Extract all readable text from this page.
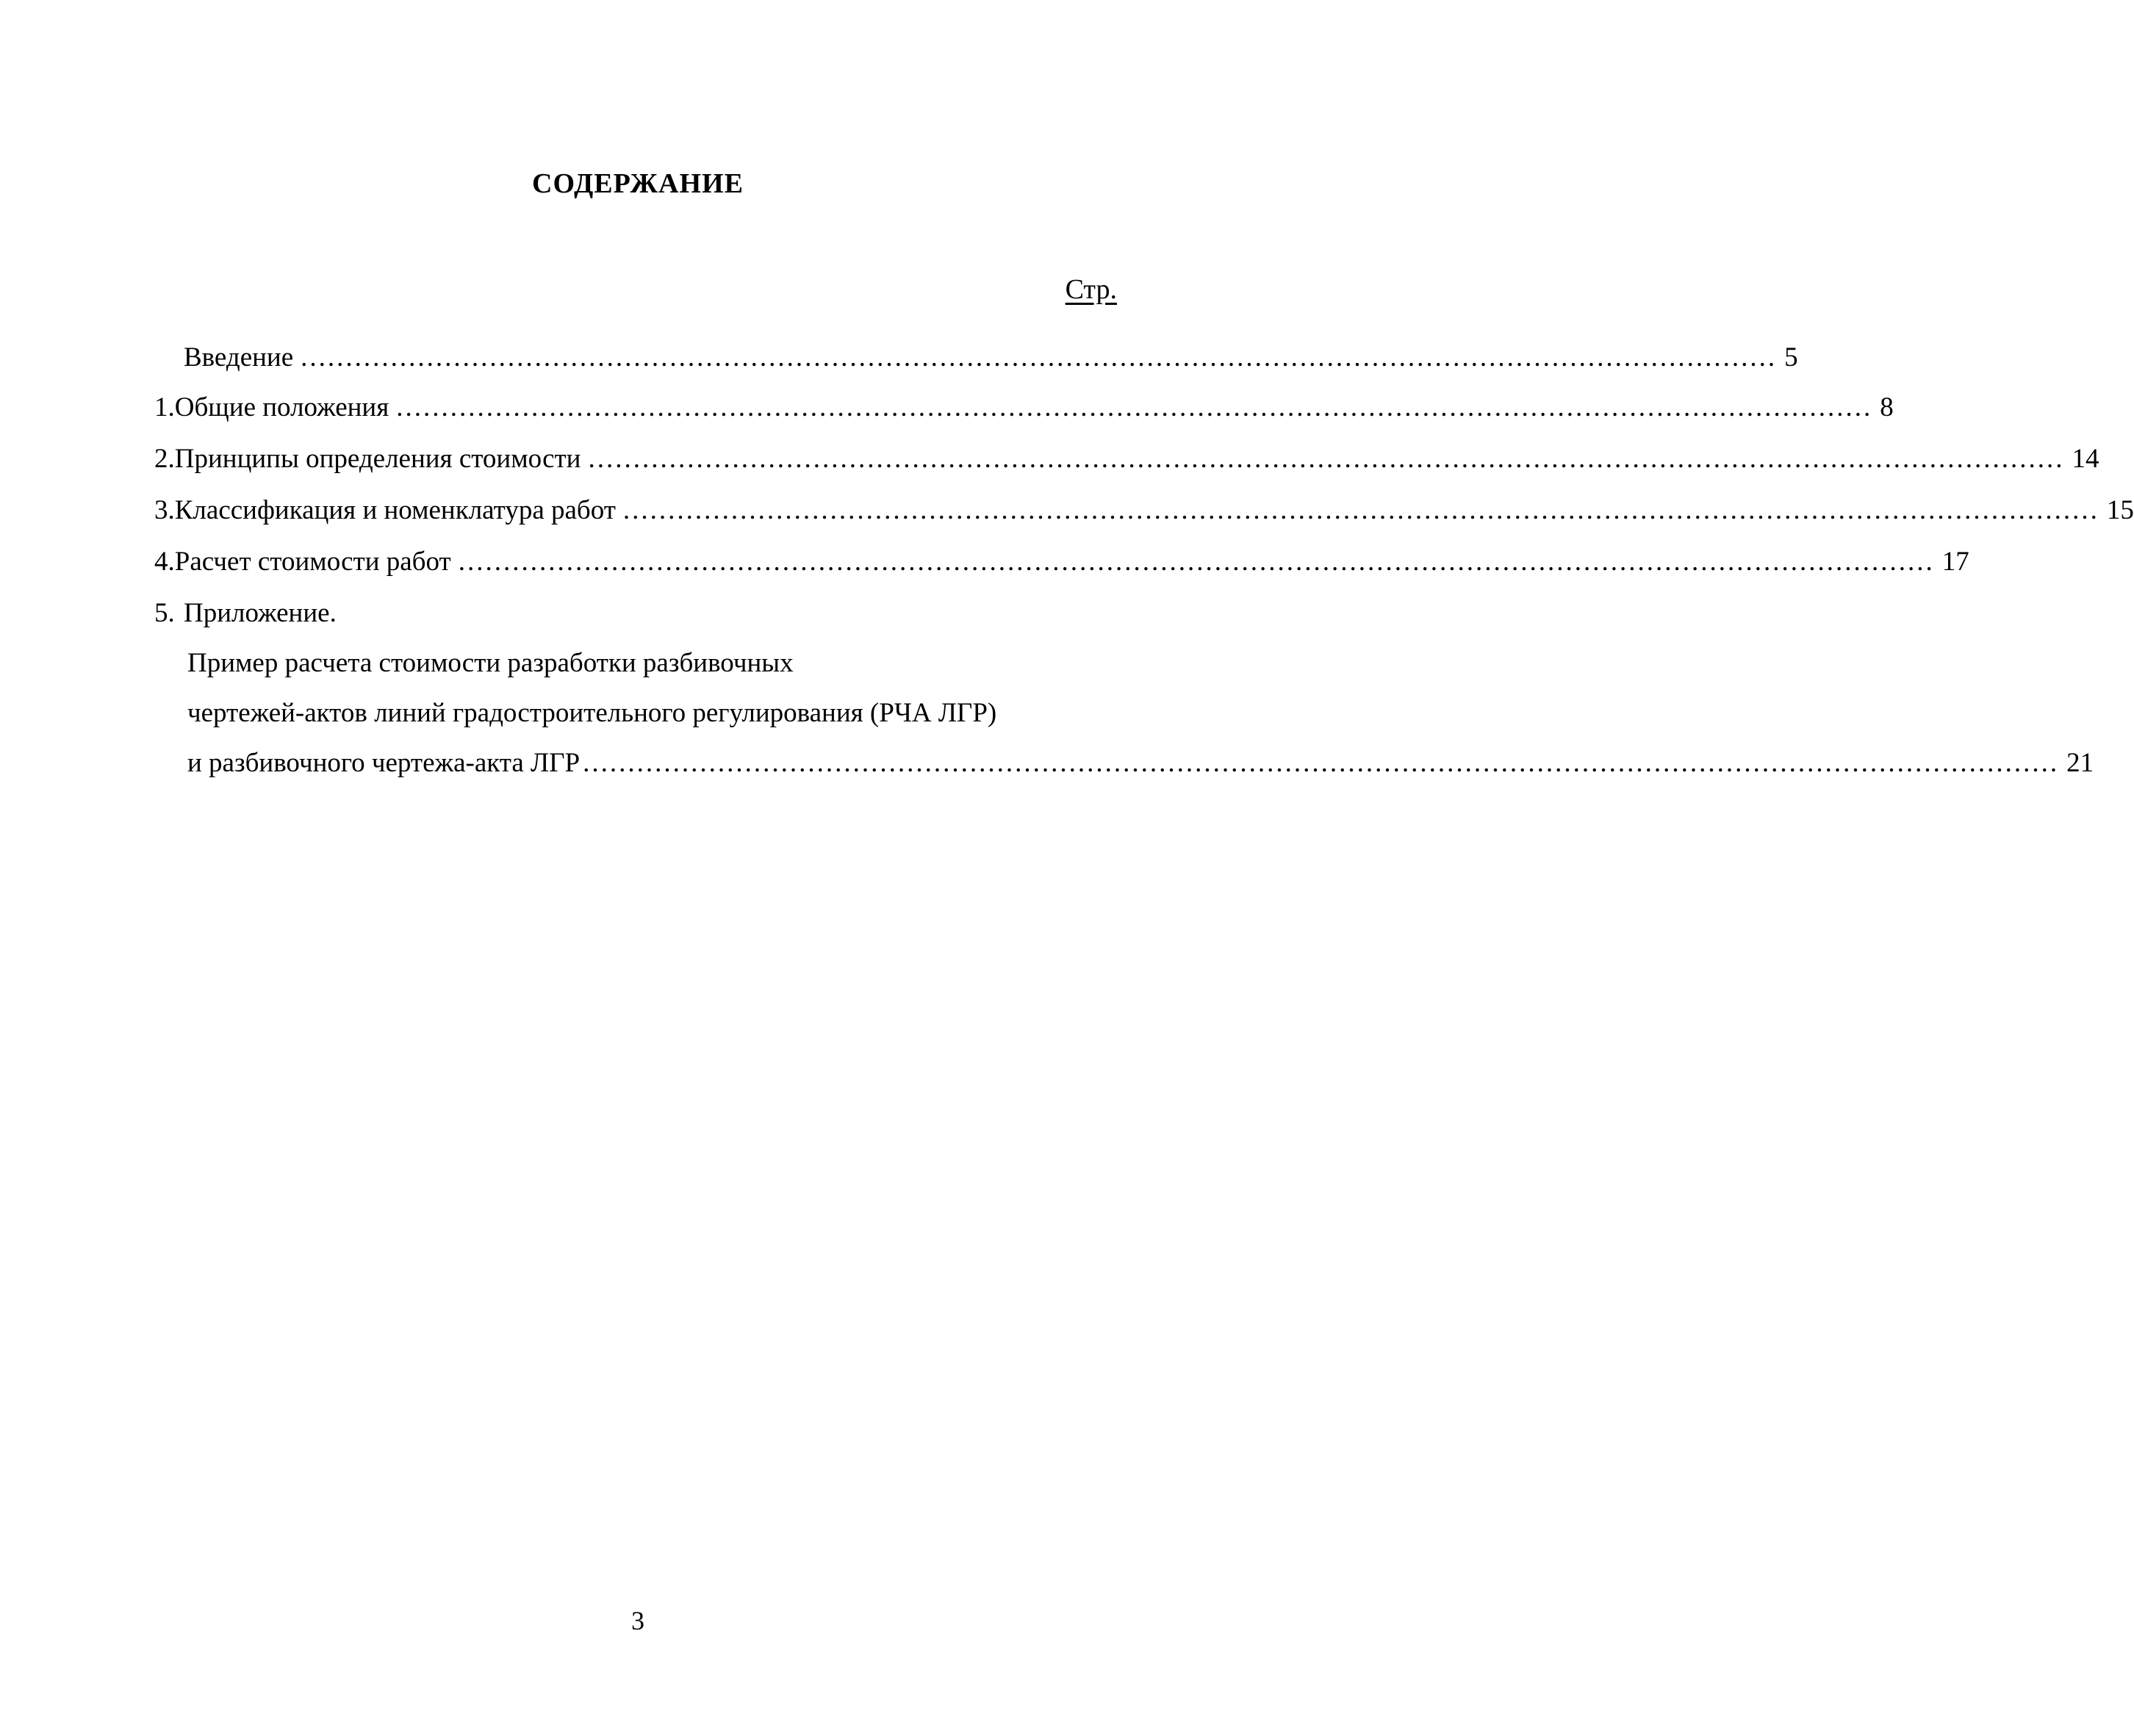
СОДЕРЖАНИЕ
Стр.
Введение .................................................................................................................................................................... 5
1. Общие положения .................................................................................................................................................................... 8
2. Принципы определения стоимости .................................................................................................................................................................... 14
3. Классификация и номенклатура работ .................................................................................................................................................................... 15
4. Расчет стоимости работ .................................................................................................................................................................... 17
5. Приложение.
Пример расчета стоимости разработки разбивочных
чертежей-актов линий градостроительного регулирования (РЧА ЛГР)
и разбивочного чертежа-акта ЛГР .................................................................................................................................................................... 21
3
